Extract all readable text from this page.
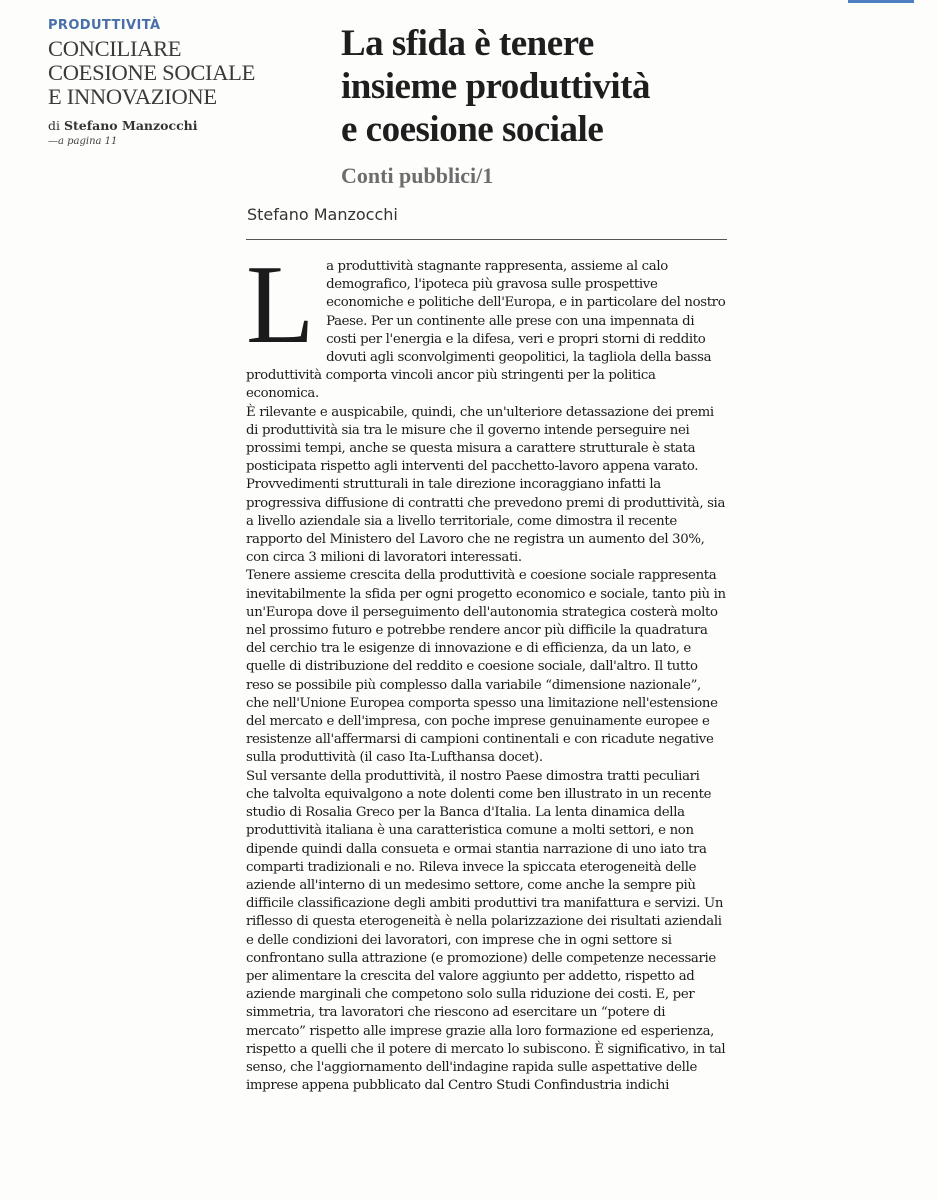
PRODUTTIVITÀ
CONCILIARE
COESIONE SOCIALE
E INNOVAZIONE
di Stefano Manzocchi
—a pagina 11
La sfida è tenere
insieme produttività
e coesione sociale
Conti pubblici/1
Stefano Manzocchi

L a produttività stagnante rappresenta, assieme al calo demografico, l'ipoteca più gravosa sulle prospettive economiche e politiche dell'Europa, e in particolare del nostro Paese. Per un continente alle prese con una impennata di costi per l'energia e la difesa, veri e propri storni di reddito dovuti agli sconvolgimenti geopolitici, la tagliola della bassa produttività comporta vincoli ancor più stringenti per la politica economica.

È rilevante e auspicabile, quindi, che un'ulteriore detassazione dei premi di produttività sia tra le misure che il governo intende perseguire nei prossimi tempi, anche se questa misura a carattere strutturale è stata posticipata rispetto agli interventi del pacchetto-lavoro appena varato.

Provvedimenti strutturali in tale direzione incoraggiano infatti la progressiva diffusione di contratti che prevedono premi di produttività, sia a livello aziendale sia a livello territoriale, come dimostra il recente rapporto del Ministero del Lavoro che ne registra un aumento del 30%, con circa 3 milioni di lavoratori interessati.

Tenere assieme crescita della produttività e coesione sociale rappresenta inevitabilmente la sfida per ogni progetto economico e sociale, tanto più in un'Europa dove il perseguimento dell'autonomia strategica costerà molto nel prossimo futuro e potrebbe rendere ancor più difficile la quadratura del cerchio tra le esigenze di innovazione e di efficienza, da un lato, e quelle di distribuzione del reddito e coesione sociale, dall'altro. Il tutto reso se possibile più complesso dalla variabile “dimensione nazionale”, che nell'Unione Europea comporta spesso una limitazione nell'estensione del mercato e dell'impresa, con poche imprese genuinamente europee e resistenze all'affermarsi di campioni continentali e con ricadute negative sulla produttività (il caso Ita-Lufthansa docet).

Sul versante della produttività, il nostro Paese dimostra tratti peculiari che talvolta equivalgono a note dolenti come ben illustrato in un recente studio di Rosalia Greco per la Banca d'Italia. La lenta dinamica della produttività italiana è una caratteristica comune a molti settori, e non dipende quindi dalla consueta e ormai stantia narrazione di uno iato tra comparti tradizionali e no. Rileva invece la spiccata eterogeneità delle aziende all'interno di un medesimo settore, come anche la sempre più difficile classificazione degli ambiti produttivi tra manifattura e servizi. Un riflesso di questa eterogeneità è nella polarizzazione dei risultati aziendali e delle condizioni dei lavoratori, con imprese che in ogni settore si confrontano sulla attrazione (e promozione) delle competenze necessarie per alimentare la crescita del valore aggiunto per addetto, rispetto ad aziende marginali che competono solo sulla riduzione dei costi. E, per simmetria, tra lavoratori che riescono ad esercitare un “potere di mercato” rispetto alle imprese grazie alla loro formazione ed esperienza, rispetto a quelli che il potere di mercato lo subiscono. È significativo, in tal senso, che l'aggiornamento dell'indagine rapida sulle aspettative delle imprese appena pubblicato dal Centro Studi Confindustria indichi
